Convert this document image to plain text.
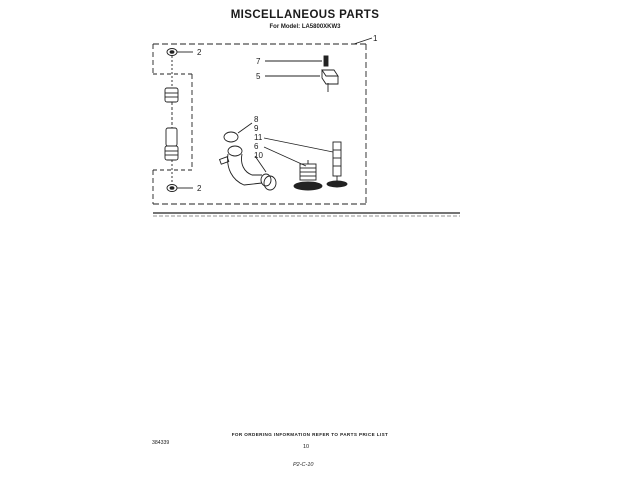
MISCELLANEOUS PARTS
For Model: LA5800XKW3
1
2
2
7
5
8
9
11
6
10
FOR ORDERING INFORMATION REFER TO PARTS PRICE LIST
384339
10
P2-C-10
